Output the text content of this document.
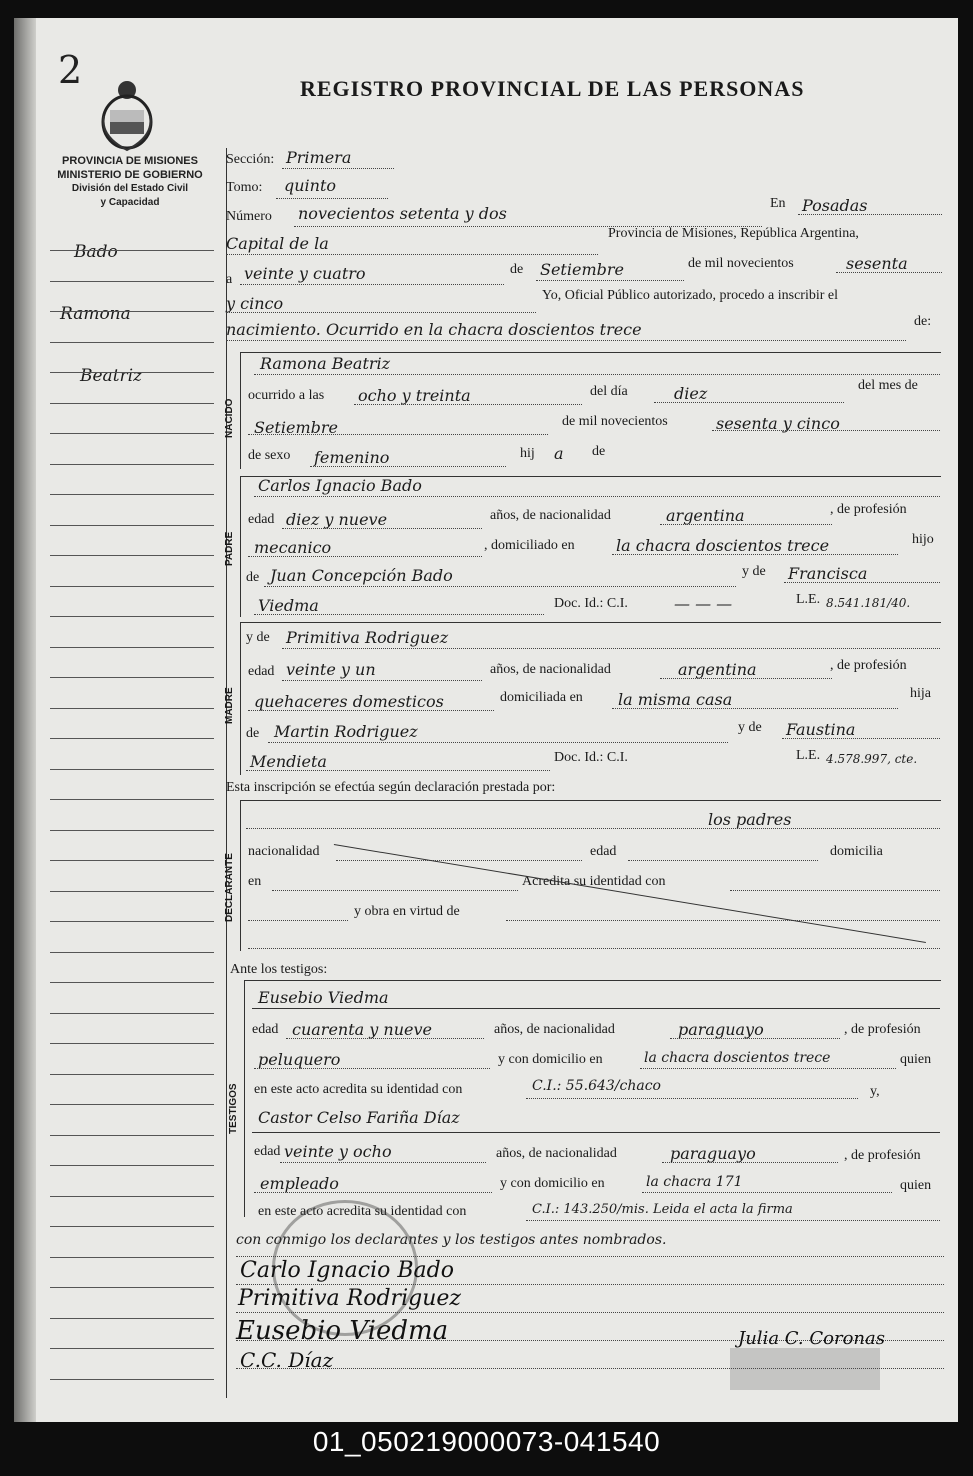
2	REGISTRO PROVINCIAL DE LAS PERSONAS
PROVINCIA DE MISIONES
MINISTERIO DE GOBIERNO
División del Estado Civil
y Capacidad
Bado
Ramona
Beatriz
Sección: Primera
Tomo: quinto
Número novecientos setenta y dos
En Posadas
Capital de la
Provincia de Misiones, República Argentina,
a veinte y cuatro	de Setiembre	de mil novecientos	sesenta
y cinco	Yo, Oficial Público autorizado, procedo a inscribir el
nacimiento. Ocurrido en la chacra doscientos trece	de:
NACIDO
Ramona Beatriz
ocurrido a las ocho y treinta	del día	diez	del mes de
Setiembre	de mil novecientos	sesenta y cinco
de sexo femenino	hij a de
PADRE
Carlos Ignacio Bado
edad diez y nueve	años, de nacionalidad	argentina	, de profesión
mecanico	, domiciliado en	la chacra doscientos trece	hijo
de Juan Concepción Bado	y de Francisca
Viedma	Doc. Id.: C.I.	— — —	L.E. 8.541.181/40.
MADRE
y de Primitiva Rodriguez
edad veinte y un	años, de nacionalidad	argentina	, de profesión
quehaceres domesticos	domiciliada en la misma casa	hija
de Martin Rodriguez	y de Faustina
Mendieta	Doc. Id.: C.I.	L.E. 4.578.997, cte.
Esta inscripción se efectúa según declaración prestada por:
DECLARANTE
los padres
nacionalidad	edad	domicilia
en	Acredita su identidad con
y obra en virtud de
Ante los testigos:
TESTIGOS
Eusebio Viedma
edad cuarenta y nueve	años, de nacionalidad	paraguayo	, de profesión
peluquero	y con domicilio en	la chacra doscientos trece	quien
en este acto acredita su identidad con	C.I.: 55.643/chaco	y,
Castor Celso Fariña Díaz
edad veinte y ocho	años, de nacionalidad	paraguayo	, de profesión
empleado	y con domicilio en	la chacra 171	quien
en este acto acredita su identidad con	C.I.: 143.250/mis. Leida el acta la firma
con conmigo los declarantes y los testigos antes nombrados.
Carlo Ignacio Bado
Primitiva Rodriguez
Eusebio Viedma
C.C. Díaz
Julia C. Coronas
01_050219000073-041540
